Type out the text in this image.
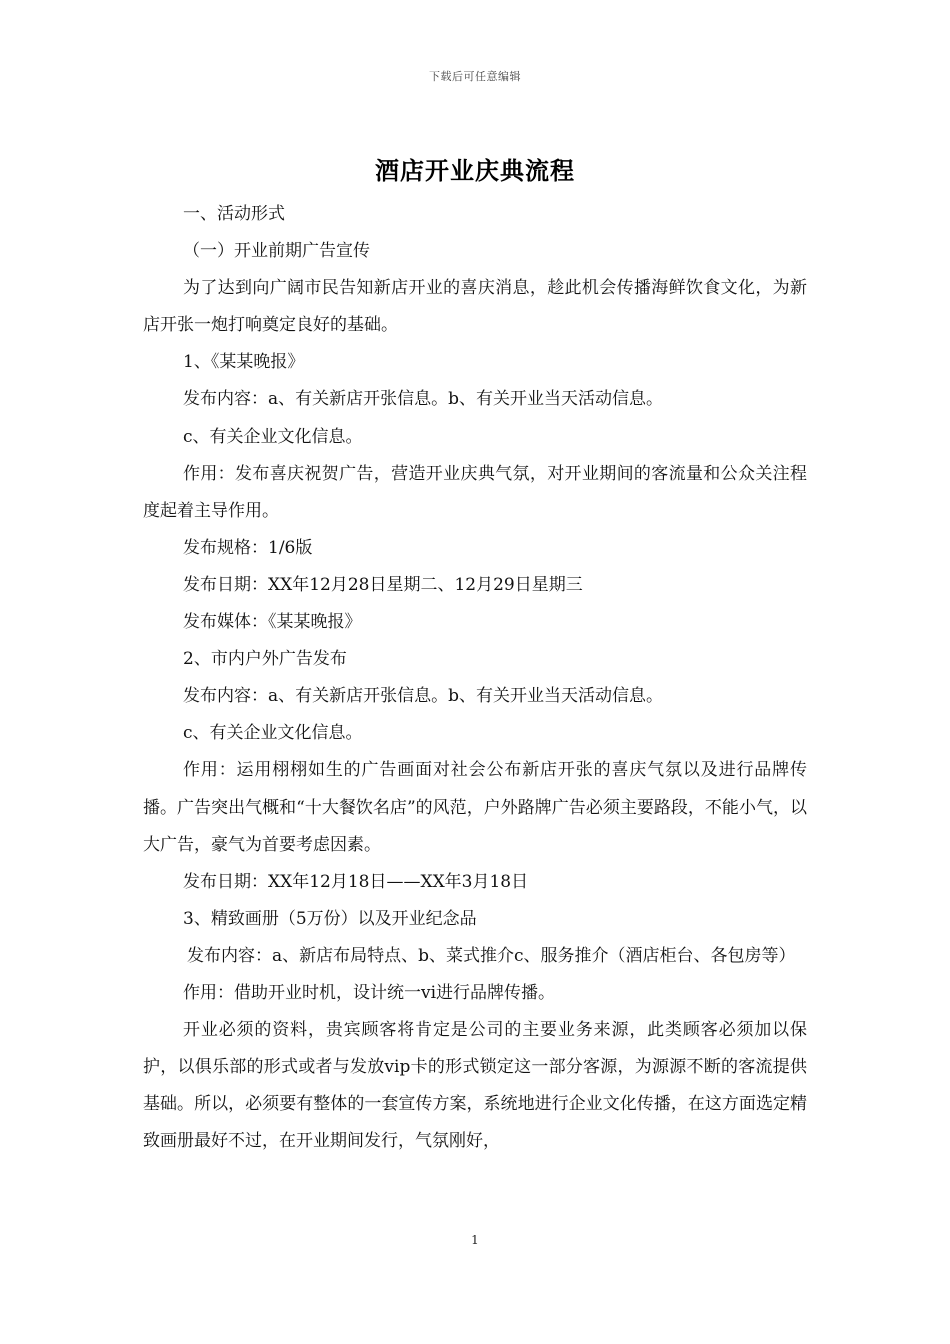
下载后可任意编辑
酒店开业庆典流程

一、活动形式

（一）开业前期广告宣传

为了达到向广阔市民告知新店开业的喜庆消息，趁此机会传播海鲜饮食文化，为新店开张一炮打响奠定良好的基础。

1、《某某晚报》

发布内容：a、有关新店开张信息。b、有关开业当天活动信息。

c、有关企业文化信息。

作用：发布喜庆祝贺广告，营造开业庆典气氛，对开业期间的客流量和公众关注程度起着主导作用。

发布规格：1/6版

发布日期：XX年12月28日星期二、12月29日星期三

发布媒体：《某某晚报》

2、市内户外广告发布

发布内容：a、有关新店开张信息。b、有关开业当天活动信息。

c、有关企业文化信息。

作用：运用栩栩如生的广告画面对社会公布新店开张的喜庆气氛以及进行品牌传播。广告突出气概和“十大餐饮名店”的风范，户外路牌广告必须主要路段，不能小气，以大广告，豪气为首要考虑因素。

发布日期：XX年12月18日——XX年3月18日

3、精致画册（5万份）以及开业纪念品

发布内容：a、新店布局特点、b、菜式推介c、服务推介（酒店柜台、各包房等）

作用：借助开业时机，设计统一vi进行品牌传播。

开业必须的资料，贵宾顾客将肯定是公司的主要业务来源，此类顾客必须加以保护，以俱乐部的形式或者与发放vip卡的形式锁定这一部分客源，为源源不断的客流提供基础。所以，必须要有整体的一套宣传方案，系统地进行企业文化传播，在这方面选定精致画册最好不过，在开业期间发行，气氛刚好，

1
